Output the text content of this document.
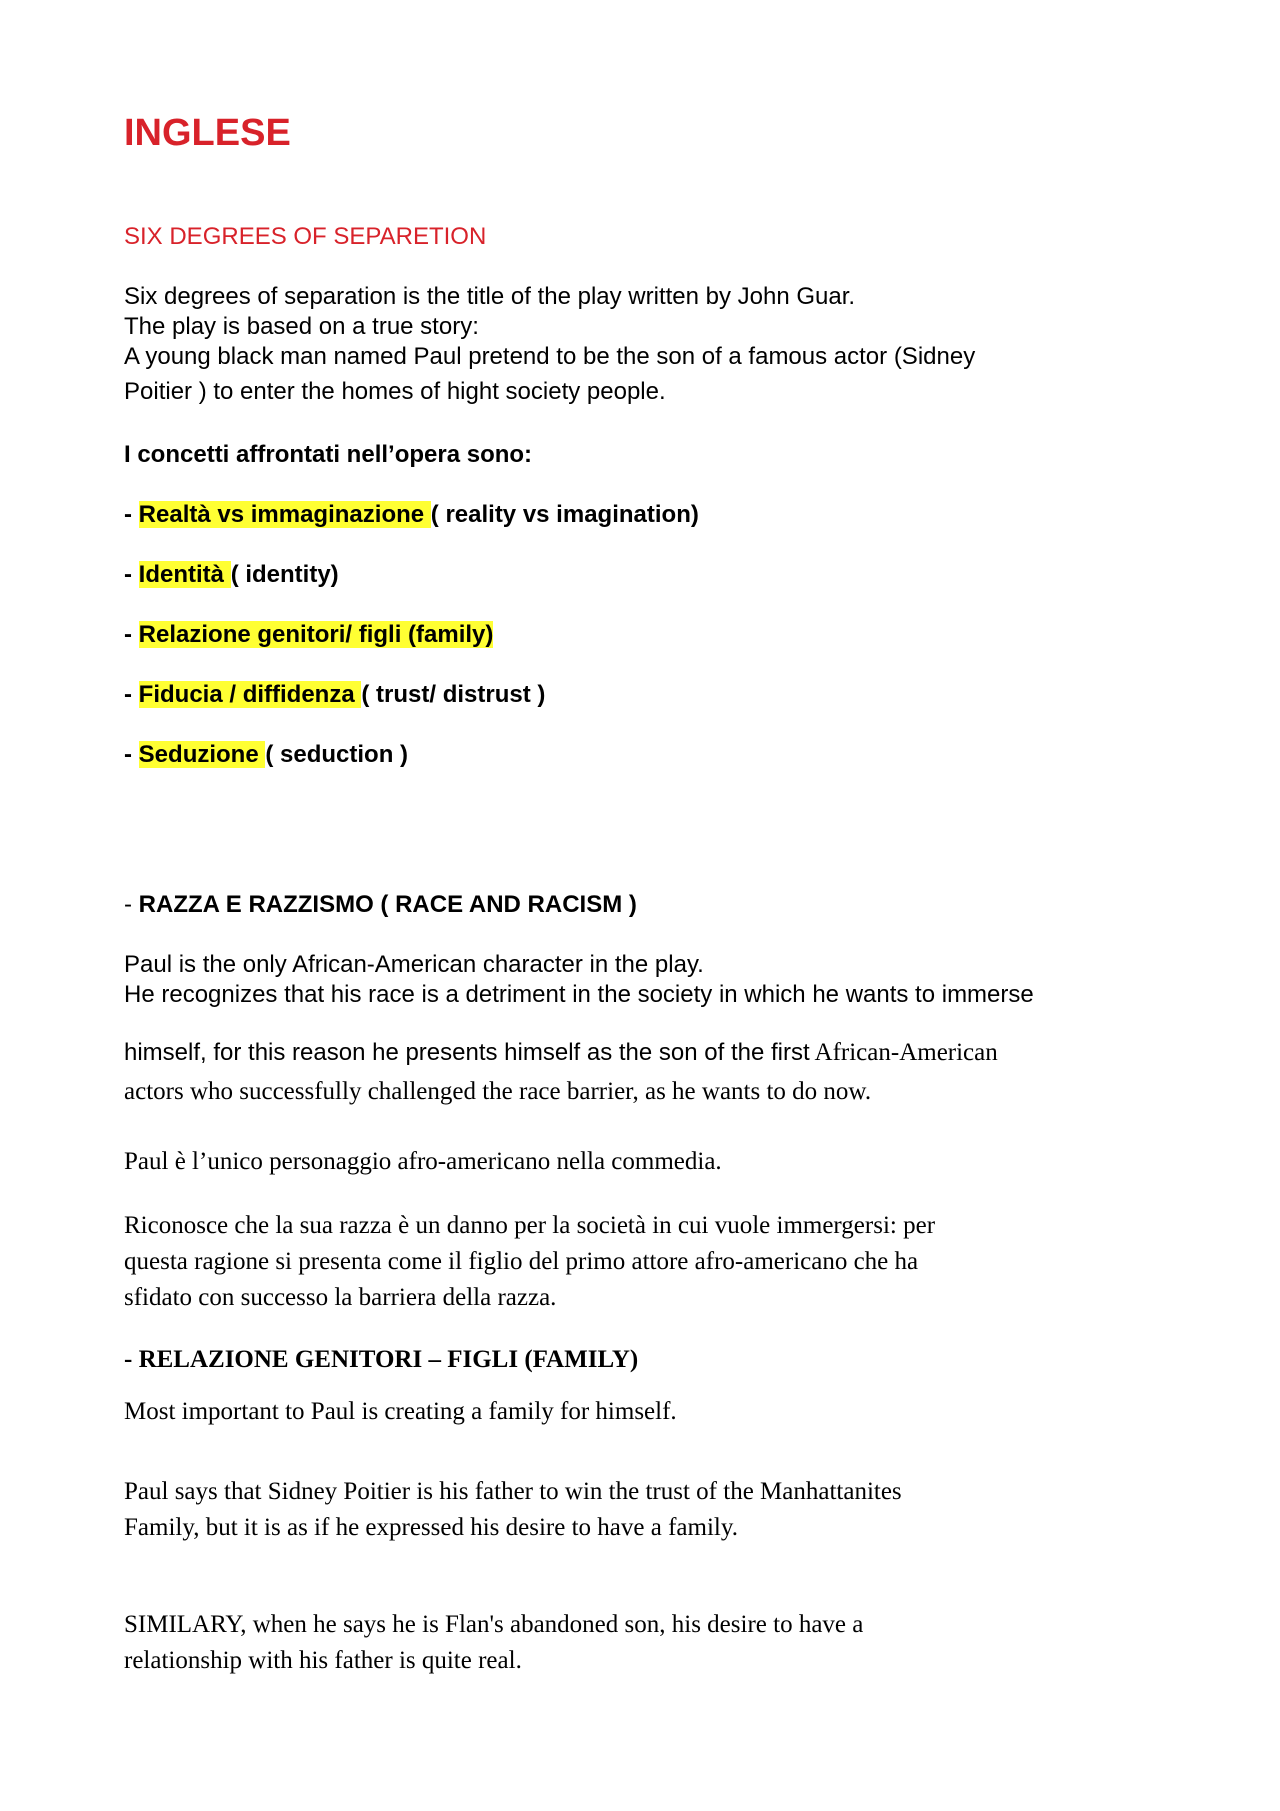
INGLESE
SIX DEGREES OF SEPARETION
Six degrees of separation is the title of the play written by John Guar.
The play is based on a true story:
A young black man named Paul pretend to be the son of a famous actor (Sidney
Poitier ) to enter the homes of hight society people.
I concetti affrontati nell’opera sono:
- Realtà vs immaginazione ( reality vs imagination)
- Identità ( identity)
- Relazione genitori/ figli (family)
- Fiducia / diffidenza ( trust/ distrust )
- Seduzione ( seduction )
- RAZZA E RAZZISMO ( RACE AND RACISM )
Paul is the only African-American character in the play.
He recognizes that his race is a detriment in the society in which he wants to immerse
himself, for this reason he presents himself as the son of the first African-American
actors who successfully challenged the race barrier, as he wants to do now.
Paul è l’unico personaggio afro-americano nella commedia.
Riconosce che la sua razza è un danno per la società in cui vuole immergersi: per
questa ragione si presenta come il figlio del primo attore afro-americano che ha
sfidato con successo la barriera della razza.
- RELAZIONE GENITORI – FIGLI (FAMILY)
Most important to Paul is creating a family for himself.
Paul says that Sidney Poitier is his father to win the trust of the Manhattanites
Family, but it is as if he expressed his desire to have a family.
SIMILARY, when he says he is Flan's abandoned son, his desire to have a
relationship with his father is quite real.
